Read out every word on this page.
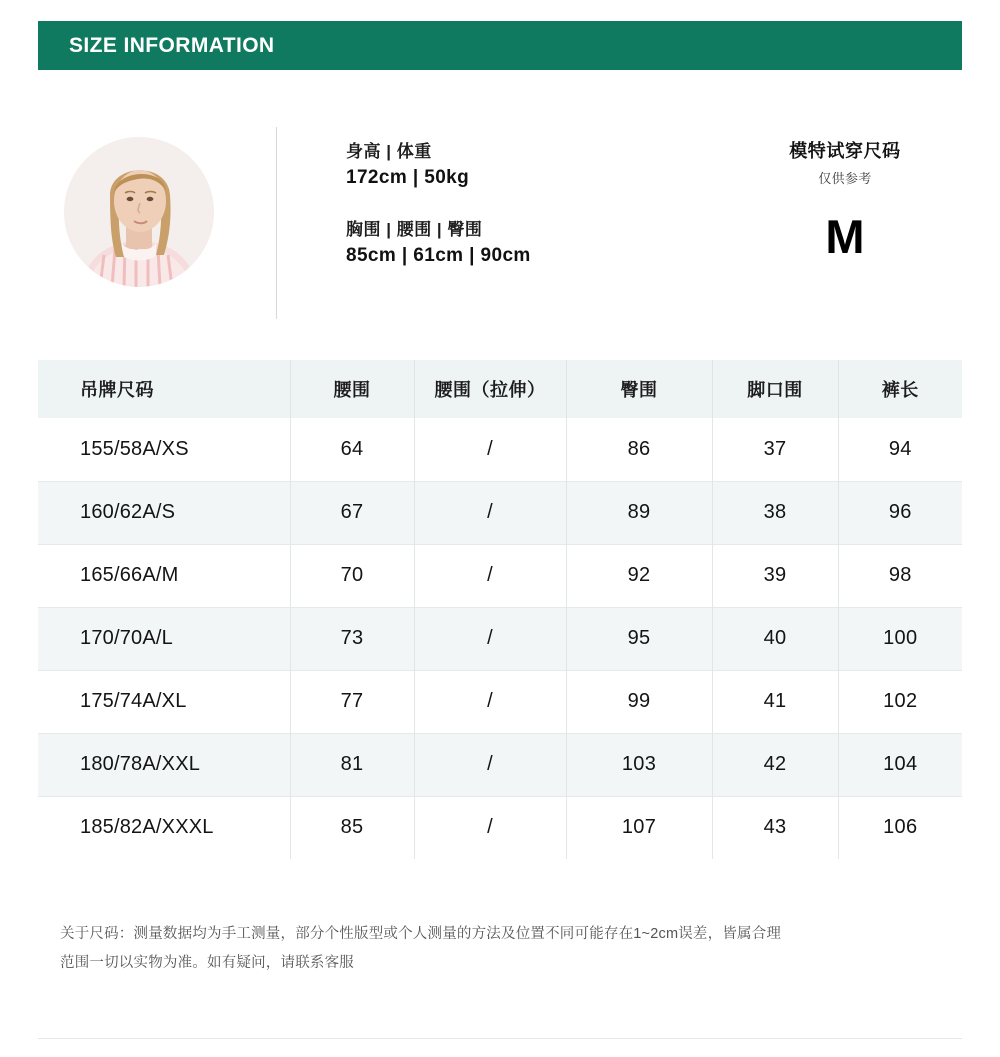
SIZE INFORMATION
身高 | 体重
172cm | 50kg
胸围 | 腰围 | 臀围
85cm | 61cm | 90cm
模特试穿尺码
仅供参考
M
吊牌尺码	腰围	腰围（拉伸）	臀围	脚口围	裤长
155/58A/XS	64	/	86	37	94
160/62A/S	67	/	89	38	96
165/66A/M	70	/	92	39	98
170/70A/L	73	/	95	40	100
175/74A/XL	77	/	99	41	102
180/78A/XXL	81	/	103	42	104
185/82A/XXXL	85	/	107	43	106
关于尺码：测量数据均为手工测量，部分个性版型或个人测量的方法及位置不同可能存在1~2cm误差，皆属合理
范围一切以实物为准。如有疑问，请联系客服
